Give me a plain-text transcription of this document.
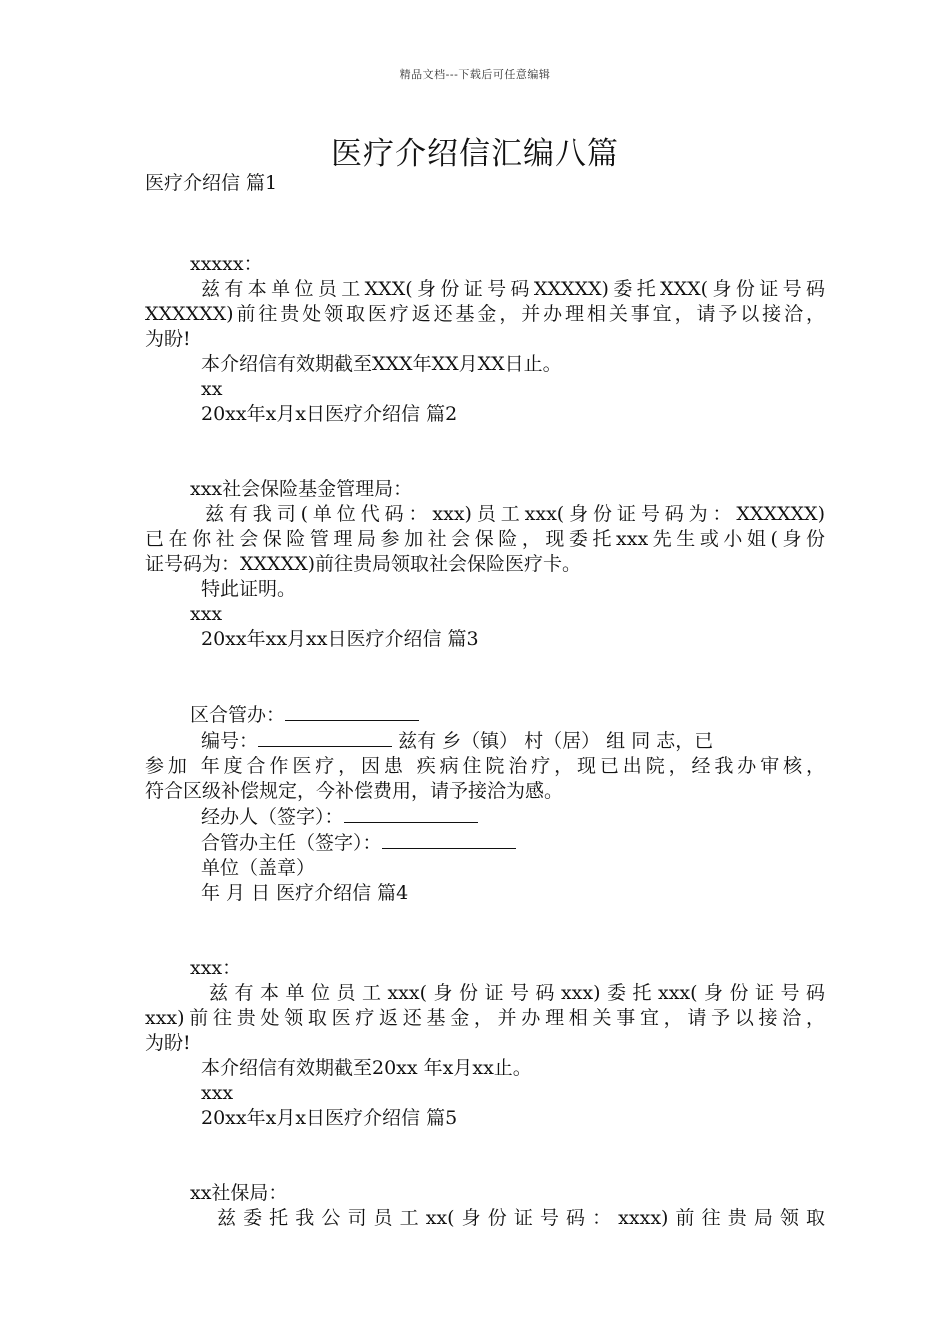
精品文档---下载后可任意编辑
医疗介绍信汇编八篇

医疗介绍信 篇1

xxxxx：

兹有本单位员工XXX(身份证号码XXXXX)委托XXX(身份证号码

XXXXXX)前往贵处领取医疗返还基金，并办理相关事宜，请予以接洽，

为盼!

本介绍信有效期截至XXX年XX月XX日止。

xx

20xx年x月x日医疗介绍信 篇2

xxx社会保险基金管理局：

兹有我司(单位代码：xxx)员工xxx(身份证号码为：XXXXXX)

已在你社会保险管理局参加社会保险，现委托xxx先生或小姐(身份

证号码为：XXXXX)前往贵局领取社会保险医疗卡。

特此证明。

xxx

20xx年xx月xx日医疗介绍信 篇3

区合管办：

编号：	兹有 乡（镇） 村（居） 组 同 志，已

参加 年度合作医疗，因患 疾病住院治疗，现已出院，经我办审核，

符合区级补偿规定，今补偿费用，请予接洽为感。

经办人（签字）：

合管办主任（签字）：

单位（盖章）

年 月 日 医疗介绍信 篇4

xxx：

兹有本单位员工xxx(身份证号码xxx)委托xxx(身份证号码

xxx)前往贵处领取医疗返还基金，并办理相关事宜，请予以接洽，

为盼!

本介绍信有效期截至20xx 年x月xx止。

xxx

20xx年x月x日医疗介绍信 篇5

xx社保局：

兹委托我公司员工xx(身份证号码：xxxx)前往贵局领取
